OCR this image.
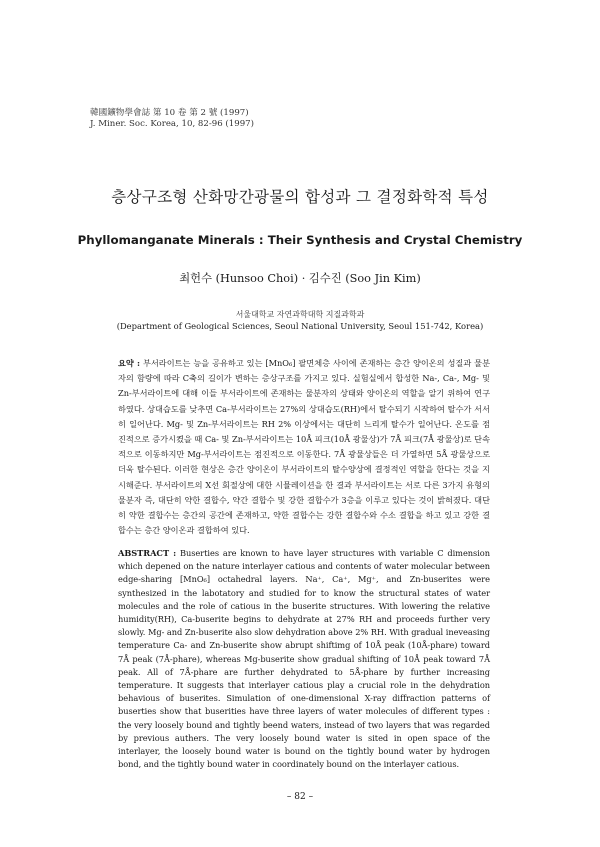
韓國鑛物學會誌 第 10 卷 第 2 號 (1997)
J. Miner. Soc. Korea, 10, 82-96 (1997)
층상구조형 산화망간광물의 합성과 그 결정화학적 특성
Phyllomanganate Minerals : Their Synthesis and Crystal Chemistry
최헌수 (Hunsoo Choi) · 김수진 (Soo Jin Kim)
서울대학교 자연과학대학 지질과학과
(Department of Geological Sciences, Seoul National University, Seoul 151-742, Korea)
요약 : 부서라이트는 능을 공유하고 있는 [MnO₆] 팔면체층 사이에 존재하는 층간 양이온의 성질과 물분자의 함량에 따라 C축의 길이가 변하는 층상구조를 가지고 있다. 실험실에서 합성한 Na-, Ca-, Mg- 및 Zn-부서라이트에 대해 이들 부서라이트에 존재하는 물분자의 상태와 양이온의 역할을 알기 위하여 연구하였다. 상대습도를 낮추면 Ca-부서라이트는 27%의 상대습도(RH)에서 탈수되기 시작하여 탈수가 서서히 일어난다. Mg- 및 Zn-부서라이트는 RH 2% 이상에서는 대단히 느리게 탈수가 일어난다. 온도를 점진적으로 증가시켰을 때 Ca- 및 Zn-부서라이트는 10Å 피크(10Å 광물상)가 7Å 피크(7Å 광물상)로 단속적으로 이동하지만 Mg-부서라이트는 점진적으로 이동한다. 7Å 광물상들은 더 가열하면 5Å 광물상으로 더욱 탈수된다. 이러한 현상은 층간 양이온이 부서라이트의 탈수양상에 결정적인 역할을 한다는 것을 지시해준다. 부서라이트의 X선 회절상에 대한 시뮬레이션을 한 결과 부서라이트는 서로 다른 3가지 유형의 물분자 즉, 대단히 약한 결합수, 약간 결합수 및 강한 결합수가 3층을 이루고 있다는 것이 밝혀졌다. 대단히 약한 결합수는 층간의 공간에 존재하고, 약한 결합수는 강한 결합수와 수소 결합을 하고 있고 강한 결합수는 층간 양이온과 결합하여 있다.
ABSTRACT : Buserties are known to have layer structures with variable C dimension which depened on the nature interlayer catious and contents of water molecular between edge-sharing [MnO₆] octahedral layers. Na⁺, Ca⁺, Mg⁺, and Zn-buserites were synthesized in the labotatory and studied for to know the structural states of water molecules and the role of catious in the buserite structures. With lowering the relative humidity(RH), Ca-buserite begins to dehydrate at 27% RH and proceeds further very slowly. Mg- and Zn-buserite also slow dehydration above 2% RH. With gradual ineveasing temperature Ca- and Zn-buserite show abrupt shiftimg of 10Å peak (10Å-phare) toward 7Å peak (7Å-phare), whereas Mg-buserite show gradual shifting of 10Å peak toward 7Å peak. All of 7Å-phare are further dehydrated to 5Å-phare by further increasing temperature. It suggests that interlayer catious play a crucial role in the dehydration behavious of buserites. Simulation of one-dimensional X-ray diffraction patterns of buserties show that buserities have three layers of water molecules of different types : the very loosely bound and tightly beend waters, instead of two layers that was regarded by previous authers. The very loosely bound water is sited in open space of the interlayer, the loosely bound water is bound on the tightly bound water by hydrogen bond, and the tightly bound water in coordinately bound on the interlayer catious.
– 82 –
